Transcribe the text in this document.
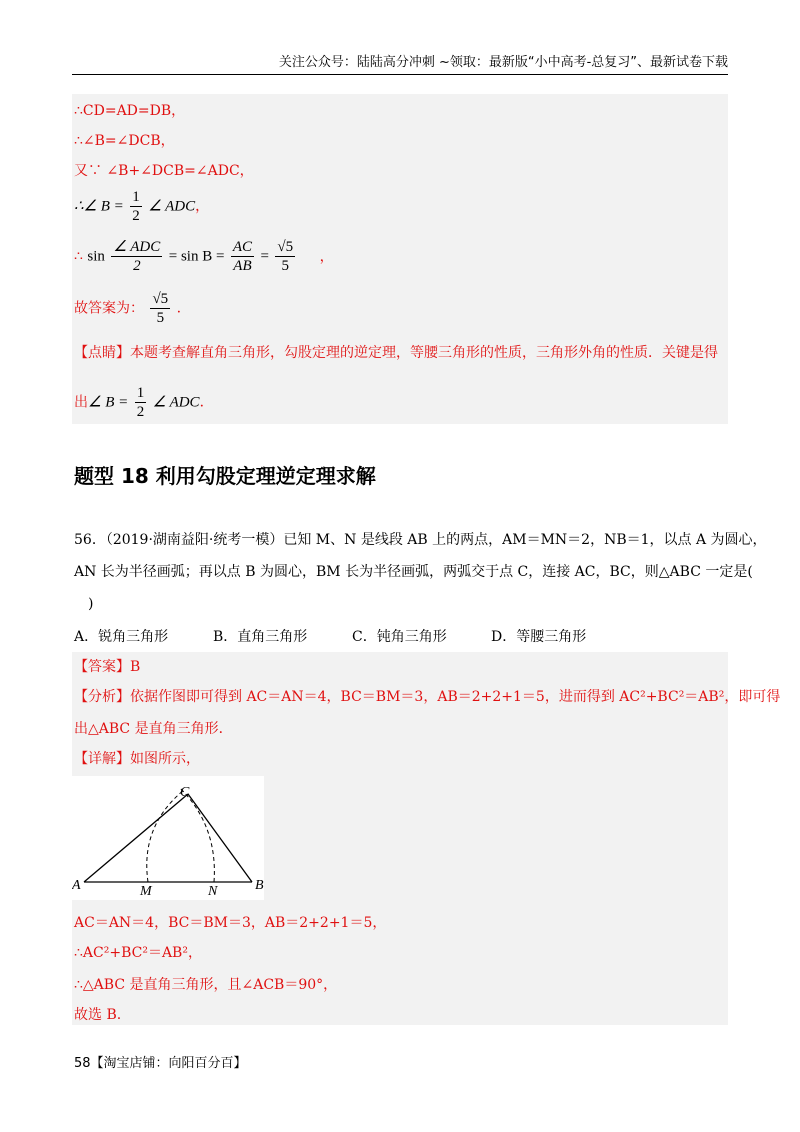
关注公众号：陆陆高分冲刺 ~领取：最新版“小中高考-总复习”、最新试卷下载
∴CD=AD=DB，
∴∠B=∠DCB，
又∵ ∠B+∠DCB=∠ADC，
∴∠ $B = \frac{1}{2}$ ∠ ADC，
∴ $\sin \frac{\text{∠ ADC}}{2} = \sin B = \frac{AC}{AB} = \frac{√5}{5}$ ，
故答案为： $\frac{√5}{5}$ .
【点睛】本题考查解直角三角形，勾股定理的逆定理，等腰三角形的性质，三角形外角的性质．关键是得
出∠ $B = \frac{1}{2}$ ∠ ADC．
题型 18 利用勾股定理逆定理求解
56．（2019·湖南益阳·统考一模）已知 M、N 是线段 AB 上的两点，AM＝MN＝2，NB＝1，以点 A 为圆心，
AN 长为半径画弧；再以点 B 为圆心，BM 长为半径画弧，两弧交于点 C，连接 AC，BC，则△ABC 一定是(
)
A．锐角三角形	B．直角三角形	C．钝角三角形	D．等腰三角形
【答案】B
【分析】依据作图即可得到 AC＝AN＝4，BC＝BM＝3，AB＝2+2+1＝5，进而得到 AC²+BC²＝AB²，即可得
出△ABC 是直角三角形．
【详解】如图所示，
A	B
C
M	N
AC＝AN＝4，BC＝BM＝3，AB＝2+2+1＝5，
∴AC²+BC²＝AB²，
∴△ABC 是直角三角形，且∠ACB＝90°，
故选 B.
58【淘宝店铺：向阳百分百】
